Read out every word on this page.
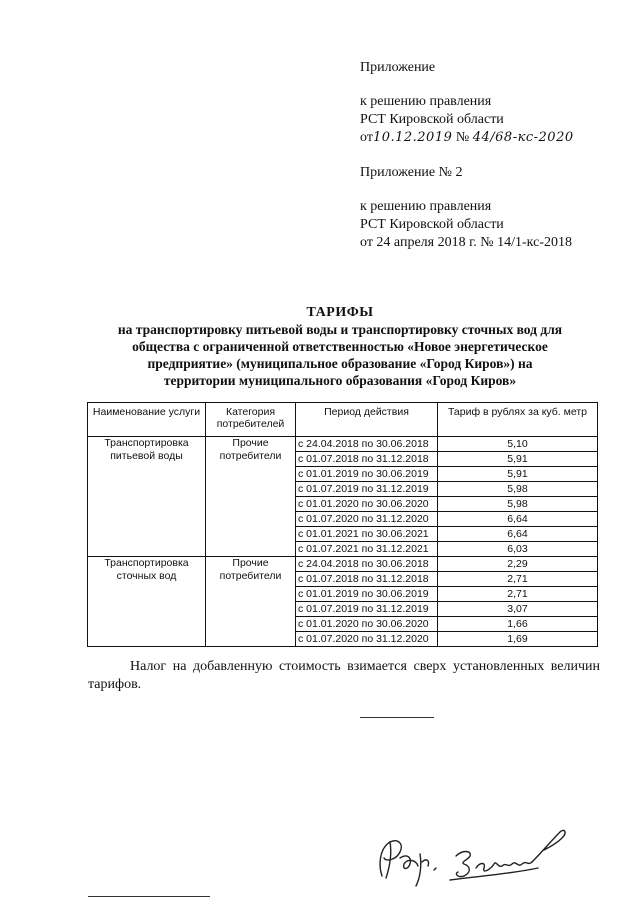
Приложение
к решению правления
РСТ Кировской области
от10.12.2019 № 44/68-кс-2020
Приложение № 2
к решению правления
РСТ Кировской области
от 24 апреля 2018 г. № 14/1-кс-2018
ТАРИФЫ
на транспортировку питьевой воды и транспортировку сточных вод для
общества с ограниченной ответственностью «Новое энергетическое
предприятие» (муниципальное образование «Город Киров») на
территории муниципального образования «Город Киров»
Наименование услуги	Категория потребителей	Период действия	Тариф в рублях за куб. метр
Транспортировка питьевой воды	Прочие потребители	с 24.04.2018 по 30.06.2018	5,10
		с 01.07.2018 по 31.12.2018	5,91
		с 01.01.2019 по 30.06.2019	5,91
		с 01.07.2019 по 31.12.2019	5,98
		с 01.01.2020 по 30.06.2020	5,98
		с 01.07.2020 по 31.12.2020	6,64
		с 01.01.2021 по 30.06.2021	6,64
		с 01.07.2021 по 31.12.2021	6,03
Транспортировка сточных вод	Прочие потребители	с 24.04.2018 по 30.06.2018	2,29
		с 01.07.2018 по 31.12.2018	2,71
		с 01.01.2019 по 30.06.2019	2,71
		с 01.07.2019 по 31.12.2019	3,07
		с 01.01.2020 по 30.06.2020	1,66
		с 01.07.2020 по 31.12.2020	1,69
Налог на добавленную стоимость взимается сверх установленных величин тарифов.
